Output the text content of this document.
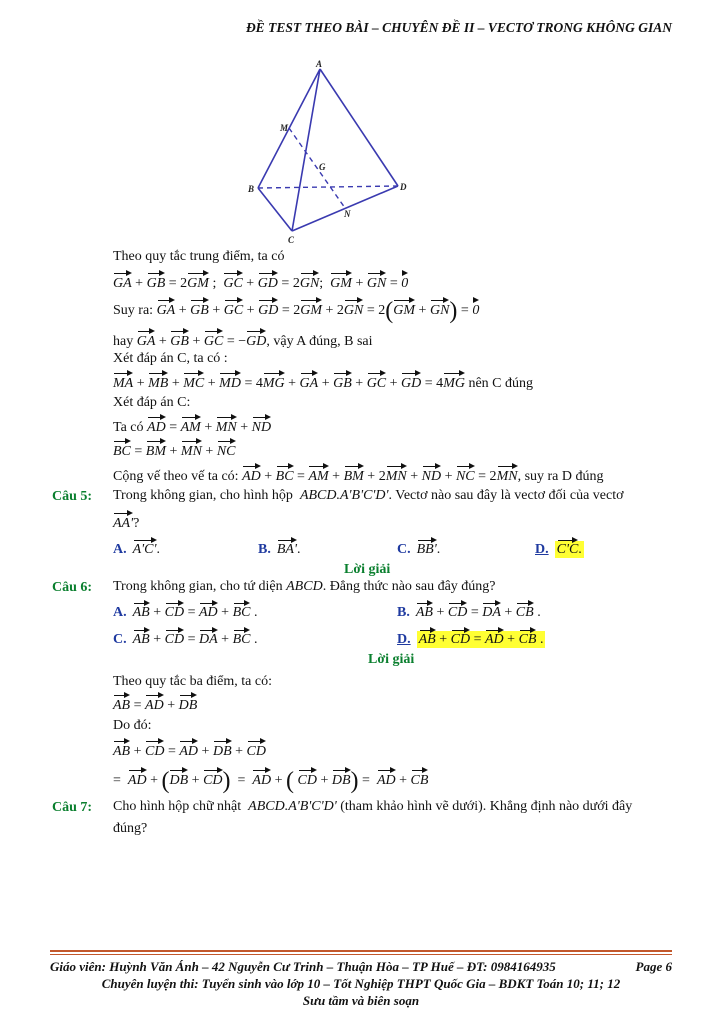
ĐỀ TEST THEO BÀI – CHUYÊN ĐỀ II – VECTƠ TRONG KHÔNG GIAN
A
M
G
B	D
N
C
Theo quy tắc trung điểm, ta có
GA + GB = 2GM ;  GC + GD = 2GN;  GM + GN = 0
Suy ra: GA + GB + GC + GD = 2GM + 2GN = 2(GM + GN) = 0
hay GA + GB + GC = −GD, vậy A đúng, B sai
Xét đáp án C, ta có :
MA + MB + MC + MD = 4MG + GA + GB + GC + GD = 4MG nên C đúng
Xét đáp án C:
Ta có AD = AM + MN + ND
BC = BM + MN + NC
Cộng vế theo vế ta có: AD + BC = AM + BM + 2MN + ND + NC = 2MN, suy ra D đúng
Câu 5: Trong không gian, cho hình hộp ABCD.A'B'C'D'. Vectơ nào sau đây là vectơ đối của vectơ
AA'?
A. A'C'.	B. BA'.	C. BB'.	D. C'C.
Lời giải
Câu 6: Trong không gian, cho tứ diện ABCD. Đẳng thức nào sau đây đúng?
A. AB + CD = AD + BC .	B. AB + CD = DA + CB .
C. AB + CD = DA + BC .	D. AB + CD = AD + CB .
Lời giải
Theo quy tắc ba điểm, ta có:
AB = AD + DB
Do đó:
AB + CD = AD + DB + CD
=  AD + (DB + CD)  =  AD + ( CD + DB) =  AD + CB
Câu 7: Cho hình hộp chữ nhật ABCD.A'B'C'D' (tham khảo hình vẽ dưới). Khẳng định nào dưới đây
đúng?
Giáo viên: Huỳnh Văn Ánh – 42 Nguyễn Cư Trinh – Thuận Hòa – TP Huế – ĐT: 0984164935	Page 6
Chuyên luyện thi: Tuyển sinh vào lớp 10 – Tốt Nghiệp THPT Quốc Gia – BDKT Toán 10; 11; 12
Sưu tầm và biên soạn
